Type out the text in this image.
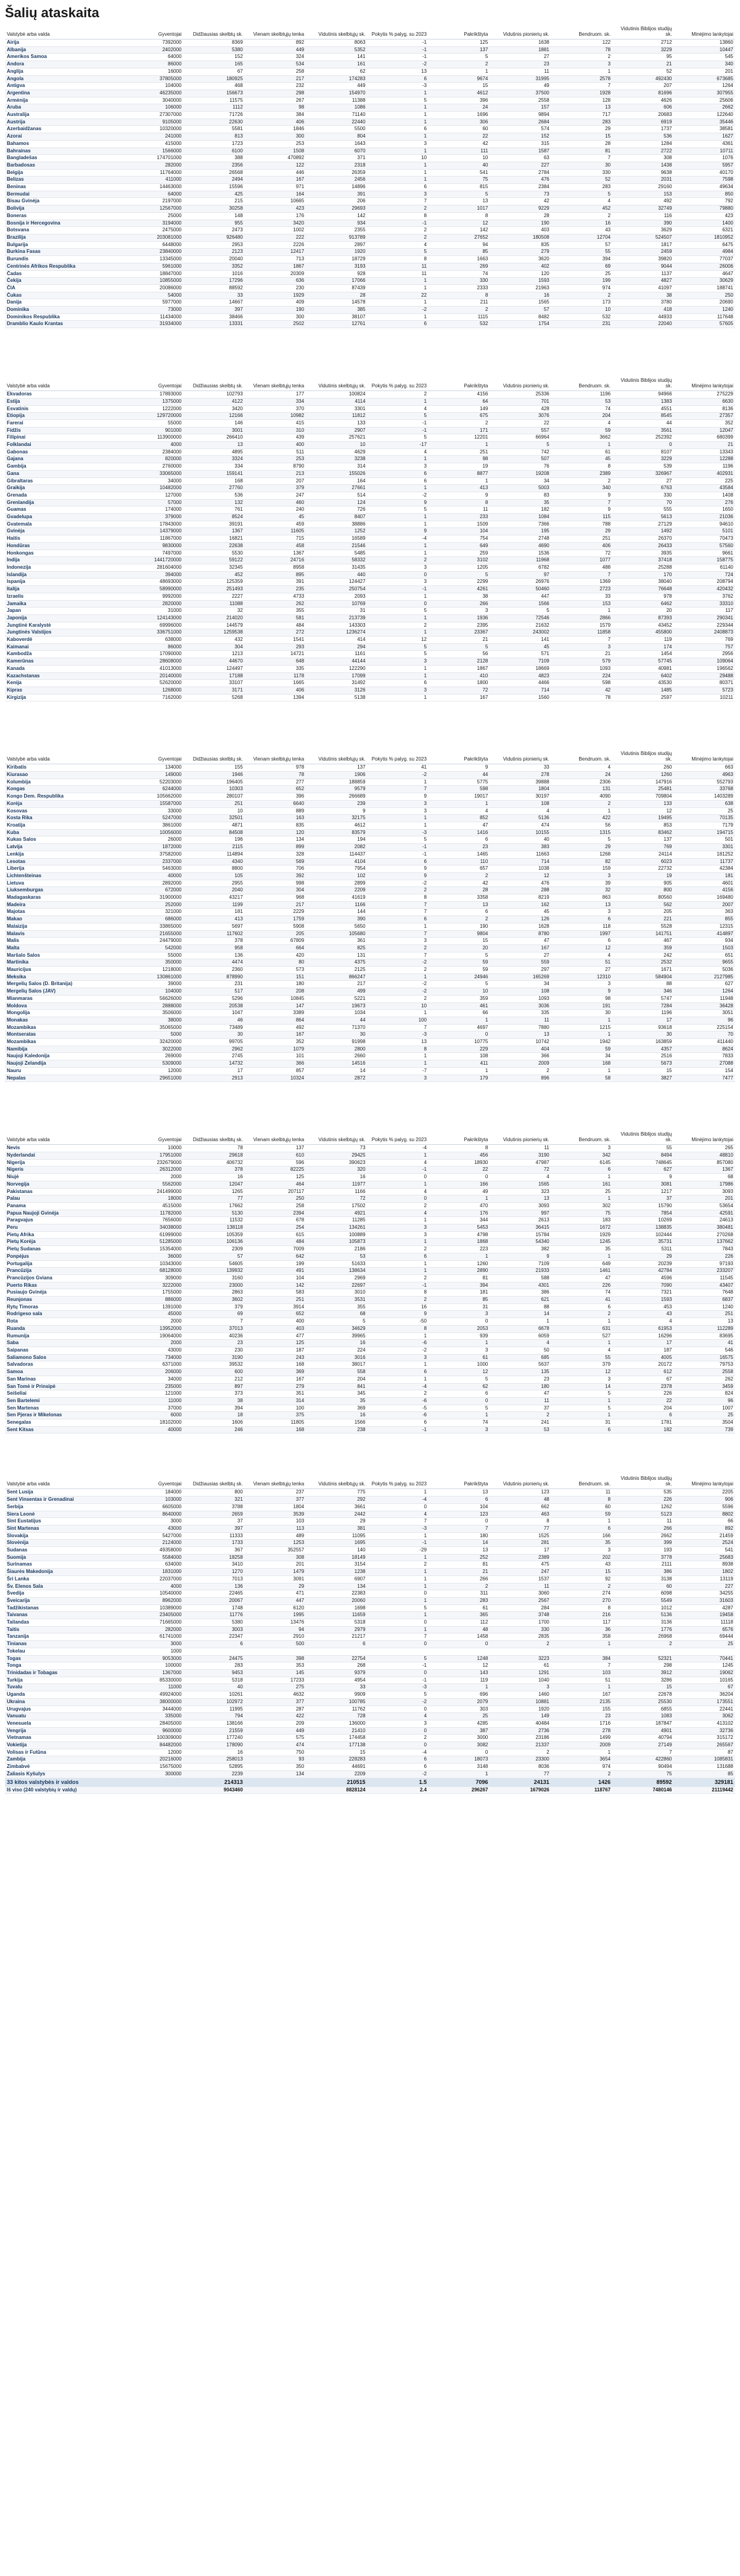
Šalių ataskaita
Valstybė arba valda	Gyventojai	Didžiausias skelbtų sk.	Vienam skelbtųjų tenka	Vidutinis skelbtųjų sk.	Pokytis % palyg. su 2023	Pakrikštyta	Vidutinis pionierių sk.	Bendruom. sk.	Vidutinis Biblijos studijų sk.	Minėjimo lankytojai
Airija	7392000	8369	892	8063	-1	125	1638	122	2712	13860
Albanija	2402000	5380	449	5352	-1	137	1881	78	3229	10447
Amerikos Samoa	64000	152	324	141	-1	5	27	2	95	545
Andora	86000	165	534	161	-2	2	23	3	21	340
Anglija	16000	67	258	62	13	1	11	1	52	201
Angola	37805000	180925	217	174283	6	9674	31995	2578	492430	673685
Antigva	104000	468	232	449	-3	15	49	7	207	1264
Argentina	46235000	156673	298	154970	1	4612	37500	1928	81696	307955
Armėnija	3040000	11575	267	11388	5	396	2558	128	4626	25606
Aruba	106000	1112	98	1086	1	24	157	13	606	2662
Australija	27307000	71726	384	71140	1	1696	9894	717	20683	122640
Austrija	9105000	22630	406	22440	1	306	2684	283	6919	35446
Azerbaidžanas	10320000	5581	1846	5500	6	60	574	29	1737	38581
Azorai	241000	813	300	804	1	22	152	15	536	1627
Bahamos	415000	1723	253	1643	3	42	315	28	1284	4361
Bahrainas	1566000	6100	1508	6070	1	111	1587	81	2722	10711
Bangladešas	174701000	388	470892	371	10	10	63	7	308	1076
Barbadosas	282000	2356	122	2318	1	40	227	30	1438	5957
Belgija	11764000	26568	446	26359	1	541	2784	330	9638	40170
Belizas	411000	2494	167	2456	1	75	476	52	2031	7598
Beninas	14463000	15596	971	14896	6	815	2384	283	29160	49634
Bermudai	64000	425	164	391	3	5	73	5	153	850
Bisau Gvinėja	2197000	215	10665	206	7	13	42	4	492	792
Bolivija	12567000	30258	423	29693	2	1017	9229	452	32749	79880
Boneras	25000	148	176	142	8	8	28	2	116	423
Bosnija ir Hercegovina	3194000	955	3420	934	-1	12	190	16	390	1400
Botsvana	2475000	2473	1002	2355	2	142	403	43	3629	6321
Brazilija	203081000	926480	222	913789	2	27652	180508	12704	524507	1810952
Bulgarija	6448000	2953	2226	2897	4	94	835	57	1817	6475
Burkina Fasas	23840000	2123	12417	1920	5	85	279	55	2459	4984
Burundis	13345000	20040	713	18729	8	1663	3620	394	39820	77037
Centrinės Afrikos Respublika	5961000	3352	1867	3193	11	269	402	69	9044	26006
Čadas	18847000	1016	20309	928	11	74	120	25	1137	4647
Čekija	10855000	17296	636	17066	1	330	1593	199	4827	30629
ČIA	20086000	88592	230	87439	1	2333	21963	974	41097	188741
Čukas	54000	33	1929	28	22	8	16	2	38	250
Danija	5977000	14667	409	14578	1	211	1565	173	3780	20690
Dominika	73000	397	190	385	-2	2	57	10	418	1240
Dominikos Respublika	11434000	38466	300	38107	1	1115	8482	532	44933	117648
Dramblio Kaulo Krantas	31934000	13331	2502	12761	6	532	1754	231	22040	57605
Valstybė arba valda	Gyventojai	Didžiausias skelbtų sk.	Vienam skelbtųjų tenka	Vidutinis skelbtųjų sk.	Pokytis % palyg. su 2023	Pakrikštyta	Vidutinis pionierių sk.	Bendruom. sk.	Vidutinis Biblijos studijų sk.	Minėjimo lankytojai
Ekvadoras	17893000	102793	177	100824	2	4156	25336	1196	94966	275229
Estija	1375000	4122	334	4114	1	64	701	53	1383	6630
Esvatinis	1222000	3420	370	3301	4	149	428	74	4551	8136
Etiopija	129720000	12166	10982	11812	5	675	3076	204	8545	27357
Farerai	55000	146	415	133	-1	2	22	4	44	352
Fidžis	901000	3001	310	2907	-1	171	557	59	3561	12047
Filipinai	113900000	266410	439	257621	5	12201	66964	3662	252392	680399
Folklandai	4000	13	400	10	-17	1	5	1	0	21
Gabonas	2384000	4895	511	4629	4	251	742	61	8107	13343
Gajana	820000	3324	253	3238	1	98	507	45	3229	12288
Gambija	2760000	334	8790	314	3	19	76	8	539	1196
Gana	33065000	159141	213	155026	6	8877	19208	2389	326967	402931
Gibraltaras	34000	168	207	164	6	1	34	2	27	225
Graikija	10482000	27760	379	27661	1	413	5003	340	6763	43584
Grenada	127000	536	247	514	-2	9	83	9	330	1408
Grenlandija	57000	132	460	124	9	8	35	7	70	276
Guamas	174000	761	240	726	5	11	182	9	555	1650
Gvadelupa	379000	8524	45	8407	1	233	1084	115	5613	21036
Gvatemala	17843000	39191	459	38886	1	1509	7366	788	27129	94610
Gvinėja	14379000	1367	11605	1252	9	104	195	29	1492	5101
Haitis	11867000	16821	715	16589	-4	754	2748	251	26370	70473
Hondūras	9830000	22638	458	21546	1	649	4690	406	26433	57560
Honkongas	7497000	5530	1367	5485	1	259	1536	72	3935	9661
Indija	1441720000	59122	24716	58332	2	3102	11968	1077	37418	158775
Indonezija	281604000	32345	8958	31435	3	1205	6782	488	25288	61140
Islandija	394000	452	895	440	0	5	97	7	170	724
Ispanija	48693000	125359	391	124427	3	2299	26976	1369	38040	208794
Italija	58990000	251493	235	250754	-1	4261	50460	2723	76648	420432
Izraelis	9992000	2227	4733	2093	1	38	447	33	978	3762
Jamaika	2820000	11088	262	10769	0	266	1566	153	6462	33310
Japan	31000	32	355	31	5	3	5	1	20	117
Japonija	124143000	214020	581	213739	1	1936	72546	2866	87393	290341
Jungtinė Karalystė	69996000	144579	484	143303	2	2395	21632	1579	43452	229344
Jungtinės Valstijos	336751000	1259538	272	1236274	1	23367	243002	11858	455800	2408873
Kaboverdė	638000	432	1541	414	12	21	141	7	119	769
Kaimanai	86000	304	293	294	5	5	45	3	174	757
Kambodža	17090000	1213	14721	1161	5	56	571	21	1454	2956
Kamerūnas	28608000	44670	648	44144	3	2128	7109	579	57745	109064
Kanada	41013000	124497	335	122290	1	1867	18669	1093	40981	196562
Kazachstanas	20140000	17188	1178	17099	1	410	4823	224	6402	29488
Kenija	52620000	33107	1665	31492	6	1800	4466	598	43530	80371
Kipras	1268000	3171	406	3126	3	72	714	42	1485	5723
Kirgizija	7162000	5268	1394	5138	1	167	1560	78	2597	10211
Valstybė arba valda	Gyventojai	Didžiausias skelbtų sk.	Vienam skelbtųjų tenka	Vidutinis skelbtųjų sk.	Pokytis % palyg. su 2023	Pakrikštyta	Vidutinis pionierių sk.	Bendruom. sk.	Vidutinis Biblijos studijų sk.	Minėjimo lankytojai
Kiribatis	134000	155	978	137	41	9	33	4	260	663
Kiurasao	149000	1946	78	1906	-2	44	278	24	1260	4963
Kolumbija	52203000	196405	277	188859	1	5775	39888	2306	147916	552793
Kongas	6244000	10303	652	9579	7	598	1804	131	25481	33768
Kongo Dem. Respublika	105662000	280107	396	266689	9	19017	30197	4090	709804	1403289
Korėja	15587000	251	6640	239	3	1	108	2	133	638
Kosovas	33000	10	889	9	3	4	4	1	12	25
Kosta Rika	5247000	32501	163	32175	1	852	5136	422	19495	70135
Kroatija	3861000	4871	835	4612	1	47	474	56	853	7179
Kuba	10056000	84508	120	83579	-3	1416	10155	1315	83462	194715
Kukas Salos	26000	196	134	194	5	6	40	5	137	501
Latvija	1872000	2115	899	2082	-1	23	383	29	769	3301
Lenkija	37582000	114894	328	114437	-1	1465	11663	1268	24114	181252
Lesotas	2337000	4340	569	4104	6	110	714	82	6023	11737
Liberija	5463000	8800	706	7954	9	657	1038	159	22732	42384
Lichtenšteinas	40000	105	392	102	9	2	12	3	19	181
Lietuva	2892000	2955	998	2899	-2	42	476	39	905	4601
Liuksemburgas	672000	2040	304	2209	2	28	288	32	800	4156
Madagaskaras	31900000	43217	968	41619	8	3358	8219	863	80560	169480
Madeira	252000	1199	217	1166	7	13	162	13	562	2007
Majotas	321000	181	2229	144	7	6	45	3	205	363
Makao	686000	413	1759	390	6	2	126	6	221	855
Malaizija	33865000	5697	5908	5650	1	190	1628	118	5528	12315
Malavis	21655000	117602	205	105680	7	9804	8780	1997	141751	414897
Malis	24479000	378	67809	361	3	15	47	6	467	934
Malta	542000	958	664	825	2	20	167	12	359	1503
Maršalo Salos	55000	136	420	131	7	5	27	4	242	651
Martinika	350000	4474	80	4375	-2	59	559	51	2532	9655
Mauricijus	1218000	2360	573	2125	2	59	297	27	1671	5036
Meksika	130861000	878990	151	866247	1	24946	165269	12310	584904	2127985
Mergelių Salos (D. Britanija)	39000	231	180	217	-2	5	34	3	88	627
Mergelių Salos (JAV)	104000	517	208	499	-2	10	108	9	346	1264
Mianmaras	56626000	5296	10845	5221	2	359	1093	98	5747	11948
Moldova	2888000	20538	147	19673	10	461	3036	191	7284	36428
Mongolija	3506000	1047	3389	1034	1	66	335	30	1196	3051
Monakas	38000	46	864	44	100	1	11	1	17	96
Mozambikas	35065000	73489	492	71370	7	4697	7880	1215	93618	225154
Montseratas	5000	30	167	30	-3	0	13	1	30	70
Mozambikas	32420000	99705	352	91998	13	10775	10742	1942	163859	411440
Namibija	3022000	2962	1079	2800	8	229	404	59	4357	8624
Naujoji Kaledonija	269000	2745	101	2660	1	108	366	34	2516	7833
Naujoji Zelandija	5309000	14732	366	14516	1	411	2009	168	5673	27088
Nauru	12000	17	857	14	-7	1	2	1	15	154
Nepalas	29651000	2913	10324	2872	3	179	896	58	3827	7477
Valstybė arba valda	Gyventojai	Didžiausias skelbtų sk.	Vienam skelbtųjų tenka	Vidutinis skelbtųjų sk.	Pokytis % palyg. su 2023	Pakrikštyta	Vidutinis pionierių sk.	Bendruom. sk.	Vidutinis Biblijos studijų sk.	Minėjimo lankytojai
Nevis	10000	78	137	73	-4	8	11	3	55	265
Nyderlandai	17951000	29618	610	29425	1	456	3190	342	8494	48810
Nigerija	232679000	406732	596	390623	4	18930	47987	6145	748645	857080
Nigeris	26312000	378	82225	320	-1	22	72	6	627	1367
Niujė	2000	16	125	16	0	0	4	1	9	68
Norvegija	5562000	12047	464	11977	1	166	1565	161	3081	17986
Pakistanas	241499000	1265	207117	1166	4	49	323	25	1217	3093
Palau	18000	77	250	72	0	1	13	1	37	201
Panama	4515000	17662	258	17502	2	470	3093	302	15790	53654
Papua Naujoji Gvinėja	11782000	5130	2394	4921	4	176	997	75	7854	42591
Paragvajus	7656000	11532	678	11285	1	344	2613	183	10269	24613
Peru	34038000	138118	254	134261	3	5453	36415	1672	138835	380481
Pietų Afrika	61999000	105359	615	100889	3	4798	15784	1929	102444	270268
Pietų Korėja	51285000	106136	484	105873	1	1868	54340	1245	35731	137662
Pietų Sudanas	15354000	2309	7009	2186	2	223	382	35	5311	7843
Ponpėjus	36000	57	642	53	6	1	9	1	29	226
Portugalija	10343000	54605	199	51633	1	1260	7109	649	20239	97193
Prancūzija	68128000	139932	491	138634	1	2890	21933	1461	42784	233207
Prancūzijos Gviana	309000	3160	104	2969	2	81	588	47	4596	11545
Puerto Rikas	3222000	23000	142	22697	-1	394	4301	226	7090	43407
Pusiaujo Gvinėja	1755000	2863	583	3010	8	181	386	74	7321	7648
Reunjonas	886000	3602	251	3531	2	85	621	41	1593	6837
Rytų Timoras	1391000	379	3914	355	16	31	88	6	453	1240
Rodrigeso sala	45000	69	652	68	9	3	14	2	43	251
Rota	2000	7	400	5	-50	0	1	1	4	13
Ruanda	13952000	37013	403	34629	8	2053	6678	631	61953	112289
Rumunija	19064000	40236	477	39965	1	939	6059	527	16296	83695
Saba	2000	23	125	16	-6	1	4	1	17	41
Saipanas	43000	230	187	224	-2	3	50	4	187	546
Saliamono Salos	734000	3190	243	3016	3	61	685	55	4005	16575
Salvadoras	6371000	39532	168	38017	1	1000	5637	379	20172	79753
Samoa	206000	600	369	558	6	12	135	12	612	2558
San Marinas	34000	212	167	204	1	5	23	3	67	262
San Tomė ir Prinsipė	235000	897	279	841	-4	62	180	14	2378	3459
Seišeliai	121000	373	351	345	2	6	47	5	226	824
Sen Bartelemi	11000	38	314	35	-6	0	11	1	22	96
Sen Martenas	37000	394	100	369	-5	5	37	5	204	1007
Sen Pjeras ir Mikelonas	6000	18	375	16	-6	1	2	1	6	25
Senegalas	18102000	1606	11805	1566	6	74	241	31	1781	3504
Sent Kitsas	40000	246	168	238	-1	3	53	6	182	739
Valstybė arba valda	Gyventojai	Didžiausias skelbtų sk.	Vienam skelbtųjų tenka	Vidutinis skelbtųjų sk.	Pokytis % palyg. su 2023	Pakrikštyta	Vidutinis pionierių sk.	Bendruom. sk.	Vidutinis Biblijos studijų sk.	Minėjimo lankytojai
Sent Lusija	184000	800	237	775	1	13	123	11	535	2205
Sent Vinsentas ir Grenadinai	103000	321	377	292	-4	6	48	8	226	906
Serbija	6605000	3788	1804	3661	0	104	662	60	1262	5596
Siera Leonė	8640000	2659	3539	2442	4	123	463	59	5123	8802
Sint Eustatijus	3000	37	103	29	7	0	8	1	11	66
Sint Martenas	43000	397	113	381	-3	7	77	6	266	892
Slovakija	5427000	11333	489	11095	1	180	1525	166	2662	21459
Slovėnija	2124000	1733	1253	1695	-1	14	281	35	399	2524
Sudanas	49358000	367	352557	140	-29	13	17	3	193	541
Suomija	5584000	18258	308	18149	1	252	2389	202	3778	25683
Surinamas	634000	3410	201	3154	2	81	475	43	2111	8938
Šiaurės Makedonija	1831000	1270	1479	1238	1	21	247	15	386	1802
Šri Lanka	22037000	7013	3091	6907	1	266	1537	92	3138	13119
Šv. Elenos Sala	4000	136	29	134	1	2	11	2	60	227
Švedija	10540000	22465	471	22383	0	311	3060	274	6098	34255
Šveicarija	8962000	20067	447	20060	1	283	2567	270	5549	31603
Tadžikistanas	10389000	1748	6120	1698	5	61	284	8	1012	4287
Taivanas	23405000	11776	1995	11659	1	365	3748	216	5136	19458
Tailandas	71665000	5380	13476	5318	0	112	1700	117	3136	11118
Taitis	282000	3003	94	2979	1	48	330	36	1776	6576
Tanzanija	61741000	22347	2910	21217	7	1458	2835	358	26968	69444
Tinianas	3000	6	500	6	0	0	2	1	2	25
Tokelau	1000									
Togas	9053000	24475	398	22754	5	1248	3223	384	52321	70441
Tonga	100000	283	353	268	-1	12	61	7	298	1245
Trinidadas ir Tobagas	1367000	9453	145	9379	0	143	1291	103	3912	19062
Turkija	85330000	5318	17233	4954	-1	119	1040	51	3286	10165
Tuvalu	11000	40	275	33	-3	1	3	1	15	67
Uganda	49924000	10261	4632	9909	5	696	1460	167	22678	36204
Ukraina	38000000	102972	377	100785	-2	2079	10881	2135	25530	173551
Urugvajus	3444000	11995	287	11762	0	303	1920	155	6855	22441
Vanuatu	335000	794	422	728	4	25	149	23	1083	3062
Venesuela	28405000	138166	209	136000	3	4285	40484	1716	187847	413102
Vengrija	9600000	21559	449	21410	0	387	2736	278	4901	32736
Vietnamas	100309000	177240	575	174458	2	3000	23186	1499	40794	315172
Vokietija	84482000	178090	474	177138	0	3082	21337	2009	27149	265567
Volisas ir Futūna	12000	16	750	15	-4	0	2	1	7	87
Zambija	20216000	258013	93	228283	6	18073	23300	3654	422860	1085831
Zimbabvė	15675000	52895	350	44691	6	3148	8036	974	90494	131688
Žaliasis Kyšulys	300000	2239	134	2209	-2	1	77	2	75	85
33 kitos valstybės ir valdos		214313		210515	1.5	7096	24131	1426	89592	329181
Iš viso (240 valstybių ir valdų)		9043460		8828124	2.4	296267	1679026	118767	7480146	21119442
